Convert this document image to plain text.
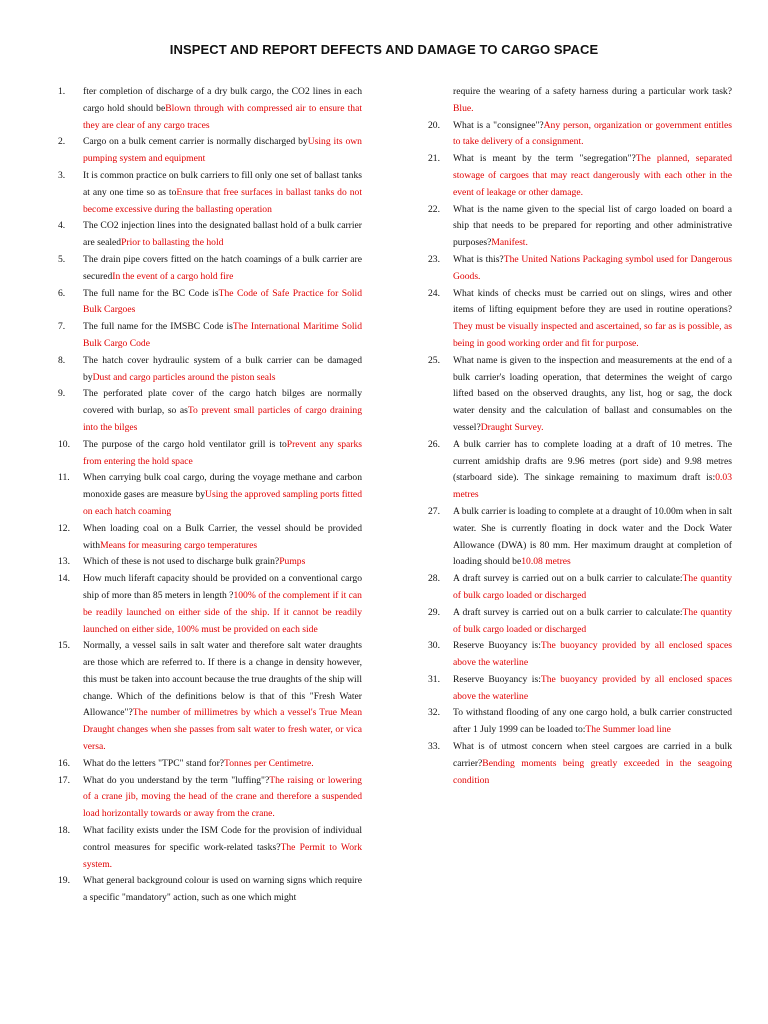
INSPECT AND REPORT DEFECTS AND DAMAGE TO CARGO SPACE
1.	fter completion of discharge of a dry bulk cargo, the CO2 lines in each cargo hold should beBlown through with compressed air to ensure that they are clear of any cargo traces
2.	Cargo on a bulk cement carrier is normally discharged byUsing its own pumping system and equipment
3.	It is common practice on bulk carriers to fill only one set of ballast tanks at any one time so as toEnsure that free surfaces in ballast tanks do not become excessive during the ballasting operation
4.	The CO2 injection lines into the designated ballast hold of a bulk carrier are sealedPrior to ballasting the hold
5.	The drain pipe covers fitted on the hatch coamings of a bulk carrier are securedIn the event of a cargo hold fire
6.	The full name for the BC Code isThe Code of Safe Practice for Solid Bulk Cargoes
7.	The full name for the IMSBC Code isThe International Maritime Solid Bulk Cargo Code
8.	The hatch cover hydraulic system of a bulk carrier can be damaged byDust and cargo particles around the piston seals
9.	The perforated plate cover of the cargo hatch bilges are normally covered with burlap, so asTo prevent small particles of cargo draining into the bilges
10.	The purpose of the cargo hold ventilator grill is toPrevent any sparks from entering the hold space
11.	When carrying bulk coal cargo, during the voyage methane and carbon monoxide gases are measure byUsing the approved sampling ports fitted on each hatch coaming
12.	When loading coal on a Bulk Carrier, the vessel should be provided withMeans for measuring cargo temperatures
13.	Which of these is not used to discharge bulk grain?Pumps
14.	How much liferaft capacity should be provided on a conventional cargo ship of more than 85 meters in length ?100% of the complement if it can be readily launched on either side of the ship. If it cannot be readily launched on either side, 100% must be provided on each side
15.	Normally, a vessel sails in salt water and therefore salt water draughts are those which are referred to. If there is a change in density however, this must be taken into account because the true draughts of the ship will change. Which of the definitions below is that of this "Fresh Water Allowance"?The number of millimetres by which a vessel's True Mean Draught changes when she passes from salt water to fresh water, or vica versa.
16.	What do the letters "TPC" stand for?Tonnes per Centimetre.
17.	What do you understand by the term "luffing"?The raising or lowering of a crane jib, moving the head of the crane and therefore a suspended load horizontally towards or away from the crane.
18.	What facility exists under the ISM Code for the provision of individual control measures for specific work-related tasks?The Permit to Work system.
19.	What general background colour is used on warning signs which require a specific "mandatory" action, such as one which might
require the wearing of a safety harness during a particular work task?Blue.
20.	What is a "consignee"?Any person, organization or government entitles to take delivery of a consignment.
21.	What is meant by the term "segregation"?The planned, separated stowage of cargoes that may react dangerously with each other in the event of leakage or other damage.
22.	What is the name given to the special list of cargo loaded on board a ship that needs to be prepared for reporting and other administrative purposes?Manifest.
23.	What is this?The United Nations Packaging symbol used for Dangerous Goods.
24.	What kinds of checks must be carried out on slings, wires and other items of lifting equipment before they are used in routine operations?They must be visually inspected and ascertained, so far as is possible, as being in good working order and fit for purpose.
25.	What name is given to the inspection and measurements at the end of a bulk carrier's loading operation, that determines the weight of cargo lifted based on the observed draughts, any list, hog or sag, the dock water density and the calculation of ballast and consumables on the vessel?Draught Survey.
26.	A bulk carrier has to complete loading at a draft of 10 metres. The current amidship drafts are 9.96 metres (port side) and 9.98 metres (starboard side). The sinkage remaining to maximum draft is:0.03 metres
27.	A bulk carrier is loading to complete at a draught of 10.00m when in salt water. She is currently floating in dock water and the Dock Water Allowance (DWA) is 80 mm. Her maximum draught at completion of loading should be10.08 metres
28.	A draft survey is carried out on a bulk carrier to calculate:The quantity of bulk cargo loaded or discharged
29.	A draft survey is carried out on a bulk carrier to calculate:The quantity of bulk cargo loaded or discharged
30.	Reserve Buoyancy is:The buoyancy provided by all enclosed spaces above the waterline
31.	Reserve Buoyancy is:The buoyancy provided by all enclosed spaces above the waterline
32.	To withstand flooding of any one cargo hold, a bulk carrier constructed after 1 July 1999 can be loaded to:The Summer load line
33.	What is of utmost concern when steel cargoes are carried in a bulk carrier?Bending moments being greatly exceeded in the seagoing condition
